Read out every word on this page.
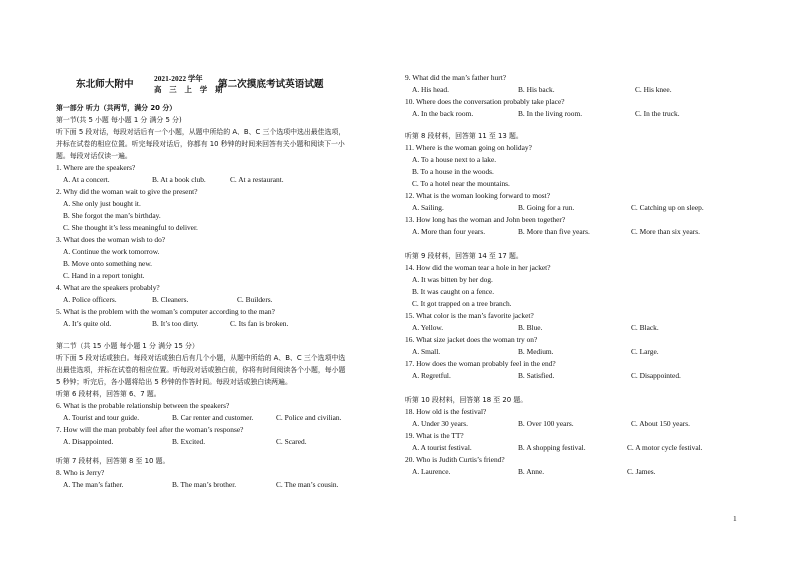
东北师大附中
2021-2022 学年
高 三 上 学 期
第二次摸底考试英语试题
第一部分 听力（共两节，满分 20 分）
第一节(共 5 小题 每小题 1 分 满分 5 分)
听下面 5 段对话，每段对话后有一个小题，从题中所给的 A、B、C 三个选项中选出最佳选项，
并标在试卷的相应位置。听完每段对话后，你都有 10 秒钟的时间来回答有关小题和阅读下一小
题。每段对话仅读一遍。
1. Where are the speakers?
A. At a concert.	B. At a book club.	C. At a restaurant.
2. Why did the woman wait to give the present?
A. She only just bought it.
B. She forgot the man’s birthday.
C. She thought it’s less meaningful to deliver.
3. What does the woman wish to do?
A. Continue the work tomorrow.
B. Move onto something new.
C. Hand in a report tonight.
4. What are the speakers probably?
A. Police officers.	B. Cleaners.	C. Builders.
5. What is the problem with the woman’s computer according to the man?
A. It’s quite old.	B. It’s too dirty.	C. Its fan is broken.
第二节（共 15 小题 每小题 1 分 满分 15 分）
听下面 5 段对话或独白。每段对话或独白后有几个小题，从题中所给的 A、B、C 三个选项中选
出最佳选项，并标在试卷的相应位置。听每段对话或独白前，你将有时间阅读各个小题，每小题
5 秒钟；听完后，各小题将给出 5 秒钟的作答时间。每段对话或独白读两遍。
听第 6 段材料，回答第 6、7 题。
6. What is the probable relationship between the speakers?
A. Tourist and tour guide.	B. Car renter and customer.	C. Police and civilian.
7. How will the man probably feel after the woman’s response?
A. Disappointed.	B. Excited.	C. Scared.
听第 7 段材料，回答第 8 至 10 题。
8. Who is Jerry?
A. The man’s father.	B. The man’s brother.	C. The man’s cousin.
9. What did the man’s father hurt?
A. His head.	B. His back.	C. His knee.
10. Where does the conversation probably take place?
A. In the back room.	B. In the living room.	C. In the truck.
听第 8 段材料，回答第 11 至 13 题。
11. Where is the woman going on holiday?
A. To a house next to a lake.
B. To a house in the woods.
C. To a hotel near the mountains.
12. What is the woman looking forward to most?
A. Sailing.	B. Going for a run.	C. Catching up on sleep.
13. How long has the woman and John been together?
A. More than four years.	B. More than five years.	C. More than six years.
听第 9 段材料，回答第 14 至 17 题。
14. How did the woman tear a hole in her jacket?
A. It was bitten by her dog.
B. It was caught on a fence.
C. It got trapped on a tree branch.
15. What color is the man’s favorite jacket?
A. Yellow.	B. Blue.	C. Black.
16. What size jacket does the woman try on?
A. Small.	B. Medium.	C. Large.
17. How does the woman probably feel in the end?
A. Regretful.	B. Satisfied.	C. Disappointed.
听第 10 段材料，回答第 18 至 20 题。
18. How old is the festival?
A. Under 30 years.	B. Over 100 years.	C. About 150 years.
19. What is the TT?
A. A tourist festival.	B. A shopping festival.	C. A motor cycle festival.
20. Who is Judith Curtis’s friend?
A. Laurence.	B. Anne.	C. James.
1
